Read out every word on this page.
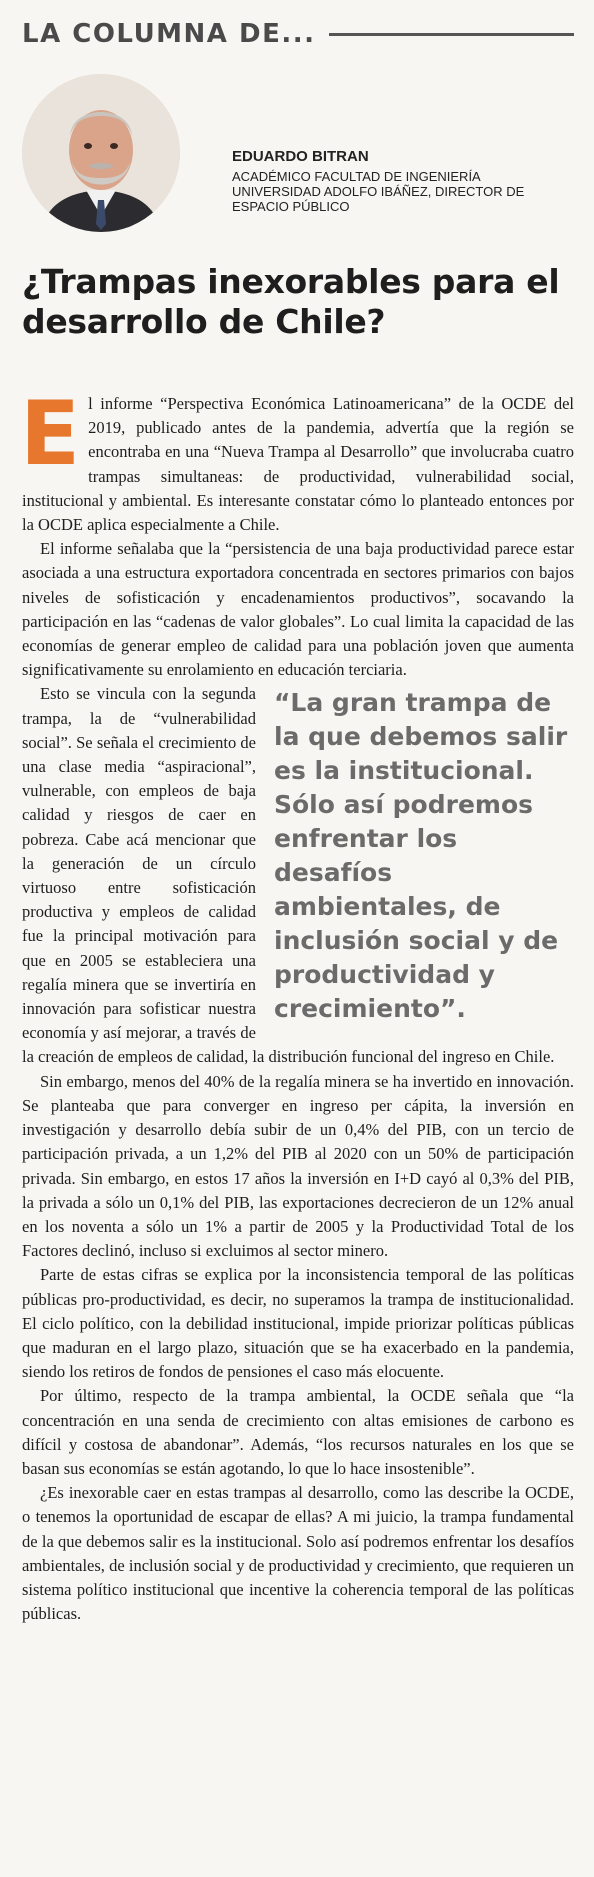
LA COLUMNA DE...
EDUARDO BITRAN
ACADÉMICO FACULTAD DE INGENIERÍA UNIVERSIDAD ADOLFO IBÁÑEZ, DIRECTOR DE ESPACIO PÚBLICO
¿Trampas inexorables para el desarrollo de Chile?

El informe “Perspectiva Económica Latinoamericana” de la OCDE del 2019, publicado antes de la pandemia, advertía que la región se encontraba en una “Nueva Trampa al Desarrollo” que involucraba cuatro trampas simultaneas: de productividad, vulnerabilidad social, institucional y ambiental. Es interesante constatar cómo lo planteado entonces por la OCDE aplica especialmente a Chile.

El informe señalaba que la “persistencia de una baja productividad parece estar asociada a una estructura exportadora concentrada en sectores primarios con bajos niveles de sofisticación y encadenamientos productivos”, socavando la participación en las “cadenas de valor globales”. Lo cual limita la capacidad de las economías de generar empleo de calidad para una población joven que aumenta significativamente su enrolamiento en educación terciaria.

“La gran trampa de la que debemos salir es la institucional. Sólo así podremos enfrentar los desafíos ambientales, de inclusión social y de productividad y crecimiento”.
Esto se vincula con la segunda trampa, la de “vulnerabilidad social”. Se señala el crecimiento de una clase media “aspiracional”, vulnerable, con empleos de baja calidad y riesgos de caer en pobreza. Cabe acá mencionar que la generación de un círculo virtuoso entre sofisticación productiva y empleos de calidad fue la principal motivación para que en 2005 se estableciera una regalía minera que se invertiría en innovación para sofisticar nuestra economía y así mejorar, a través de la creación de empleos de calidad, la distribución funcional del ingreso en Chile.

Sin embargo, menos del 40% de la regalía minera se ha invertido en innovación. Se planteaba que para converger en ingreso per cápita, la inversión en investigación y desarrollo debía subir de un 0,4% del PIB, con un tercio de participación privada, a un 1,2% del PIB al 2020 con un 50% de participación privada. Sin embargo, en estos 17 años la inversión en I+D cayó al 0,3% del PIB, la privada a sólo un 0,1% del PIB, las exportaciones decrecieron de un 12% anual en los noventa a sólo un 1% a partir de 2005 y la Productividad Total de los Factores declinó, incluso si excluimos al sector minero.

Parte de estas cifras se explica por la inconsistencia temporal de las políticas públicas pro-productividad, es decir, no superamos la trampa de institucionalidad. El ciclo político, con la debilidad institucional, impide priorizar políticas públicas que maduran en el largo plazo, situación que se ha exacerbado en la pandemia, siendo los retiros de fondos de pensiones el caso más elocuente.

Por último, respecto de la trampa ambiental, la OCDE señala que “la concentración en una senda de crecimiento con altas emisiones de carbono es difícil y costosa de abandonar”. Además, “los recursos naturales en los que se basan sus economías se están agotando, lo que lo hace insostenible”.

¿Es inexorable caer en estas trampas al desarrollo, como las describe la OCDE, o tenemos la oportunidad de escapar de ellas? A mi juicio, la trampa fundamental de la que debemos salir es la institucional. Solo así podremos enfrentar los desafíos ambientales, de inclusión social y de productividad y crecimiento, que requieren un sistema político institucional que incentive la coherencia temporal de las políticas públicas.
